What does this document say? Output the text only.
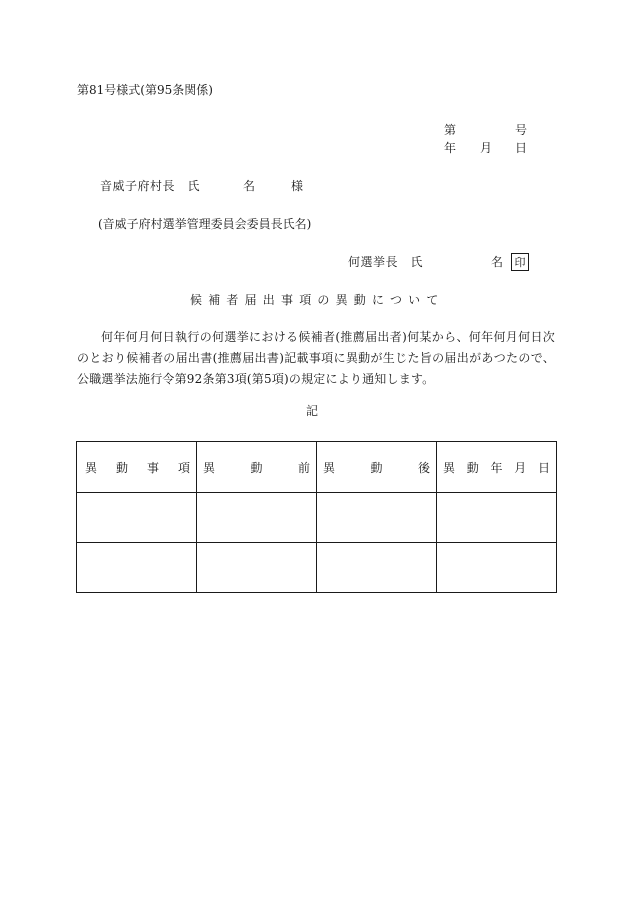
第81号様式(第95条関係)
第	号
年 月 日
音威子府村長　氏	名　様
(音威子府村選挙管理委員会委員長氏名)
何選挙長　氏	名	印
候補者届出事項の異動について
何年何月何日執行の何選挙における候補者(推薦届出者)何某から、何年何月何日次のとおり候補者の届出書(推薦届出書)記載事項に異動が生じた旨の届出があつたので、公職選挙法施行令第92条第3項(第5項)の規定により通知します。
記
異 動 事 項	異 動 前	異 動 後	異 動 年 月 日
